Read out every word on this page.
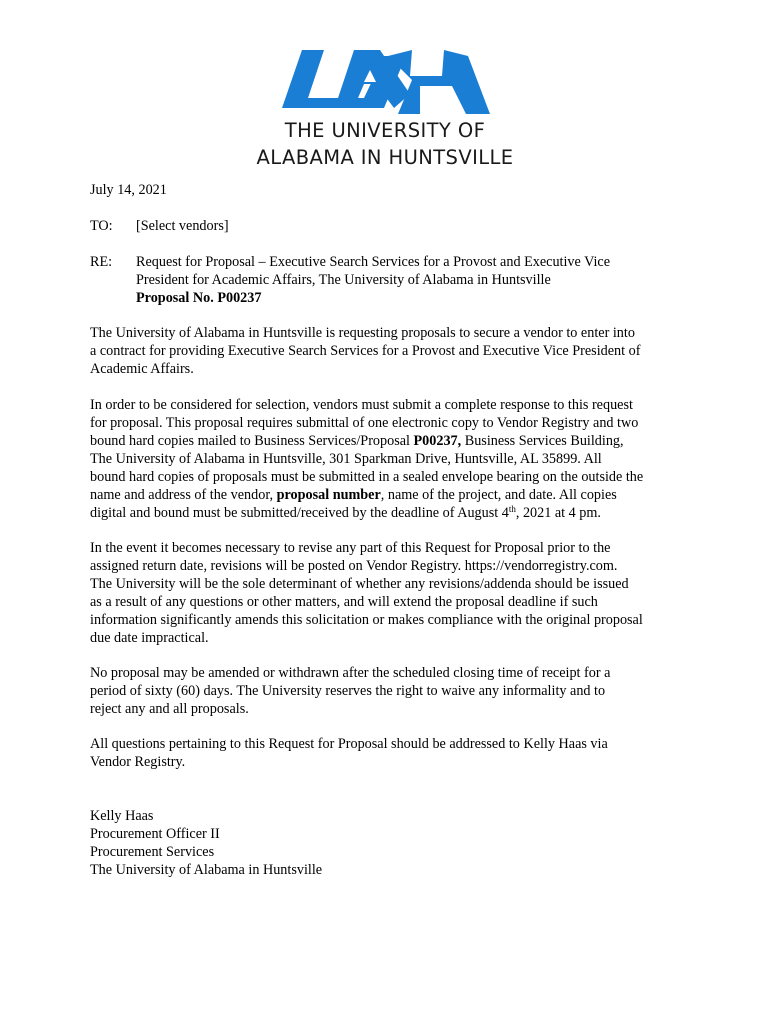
THE UNIVERSITY OF
ALABAMA IN HUNTSVILLE
July 14, 2021
TO: [Select vendors]
RE: Request for Proposal – Executive Search Services for a Provost and Executive Vice
President for Academic Affairs, The University of Alabama in Huntsville
Proposal No. P00237
The University of Alabama in Huntsville is requesting proposals to secure a vendor to enter into
a contract for providing Executive Search Services for a Provost and Executive Vice President of
Academic Affairs.
In order to be considered for selection, vendors must submit a complete response to this request
for proposal. This proposal requires submittal of one electronic copy to Vendor Registry and two
bound hard copies mailed to Business Services/Proposal P00237, Business Services Building,
The University of Alabama in Huntsville, 301 Sparkman Drive, Huntsville, AL 35899. All
bound hard copies of proposals must be submitted in a sealed envelope bearing on the outside the
name and address of the vendor, proposal number, name of the project, and date. All copies
digital and bound must be submitted/received by the deadline of August 4th, 2021 at 4 pm.
In the event it becomes necessary to revise any part of this Request for Proposal prior to the
assigned return date, revisions will be posted on Vendor Registry. https://vendorregistry.com.
The University will be the sole determinant of whether any revisions/addenda should be issued
as a result of any questions or other matters, and will extend the proposal deadline if such
information significantly amends this solicitation or makes compliance with the original proposal
due date impractical.
No proposal may be amended or withdrawn after the scheduled closing time of receipt for a
period of sixty (60) days. The University reserves the right to waive any informality and to
reject any and all proposals.
All questions pertaining to this Request for Proposal should be addressed to Kelly Haas via
Vendor Registry.
Kelly Haas
Procurement Officer II
Procurement Services
The University of Alabama in Huntsville
